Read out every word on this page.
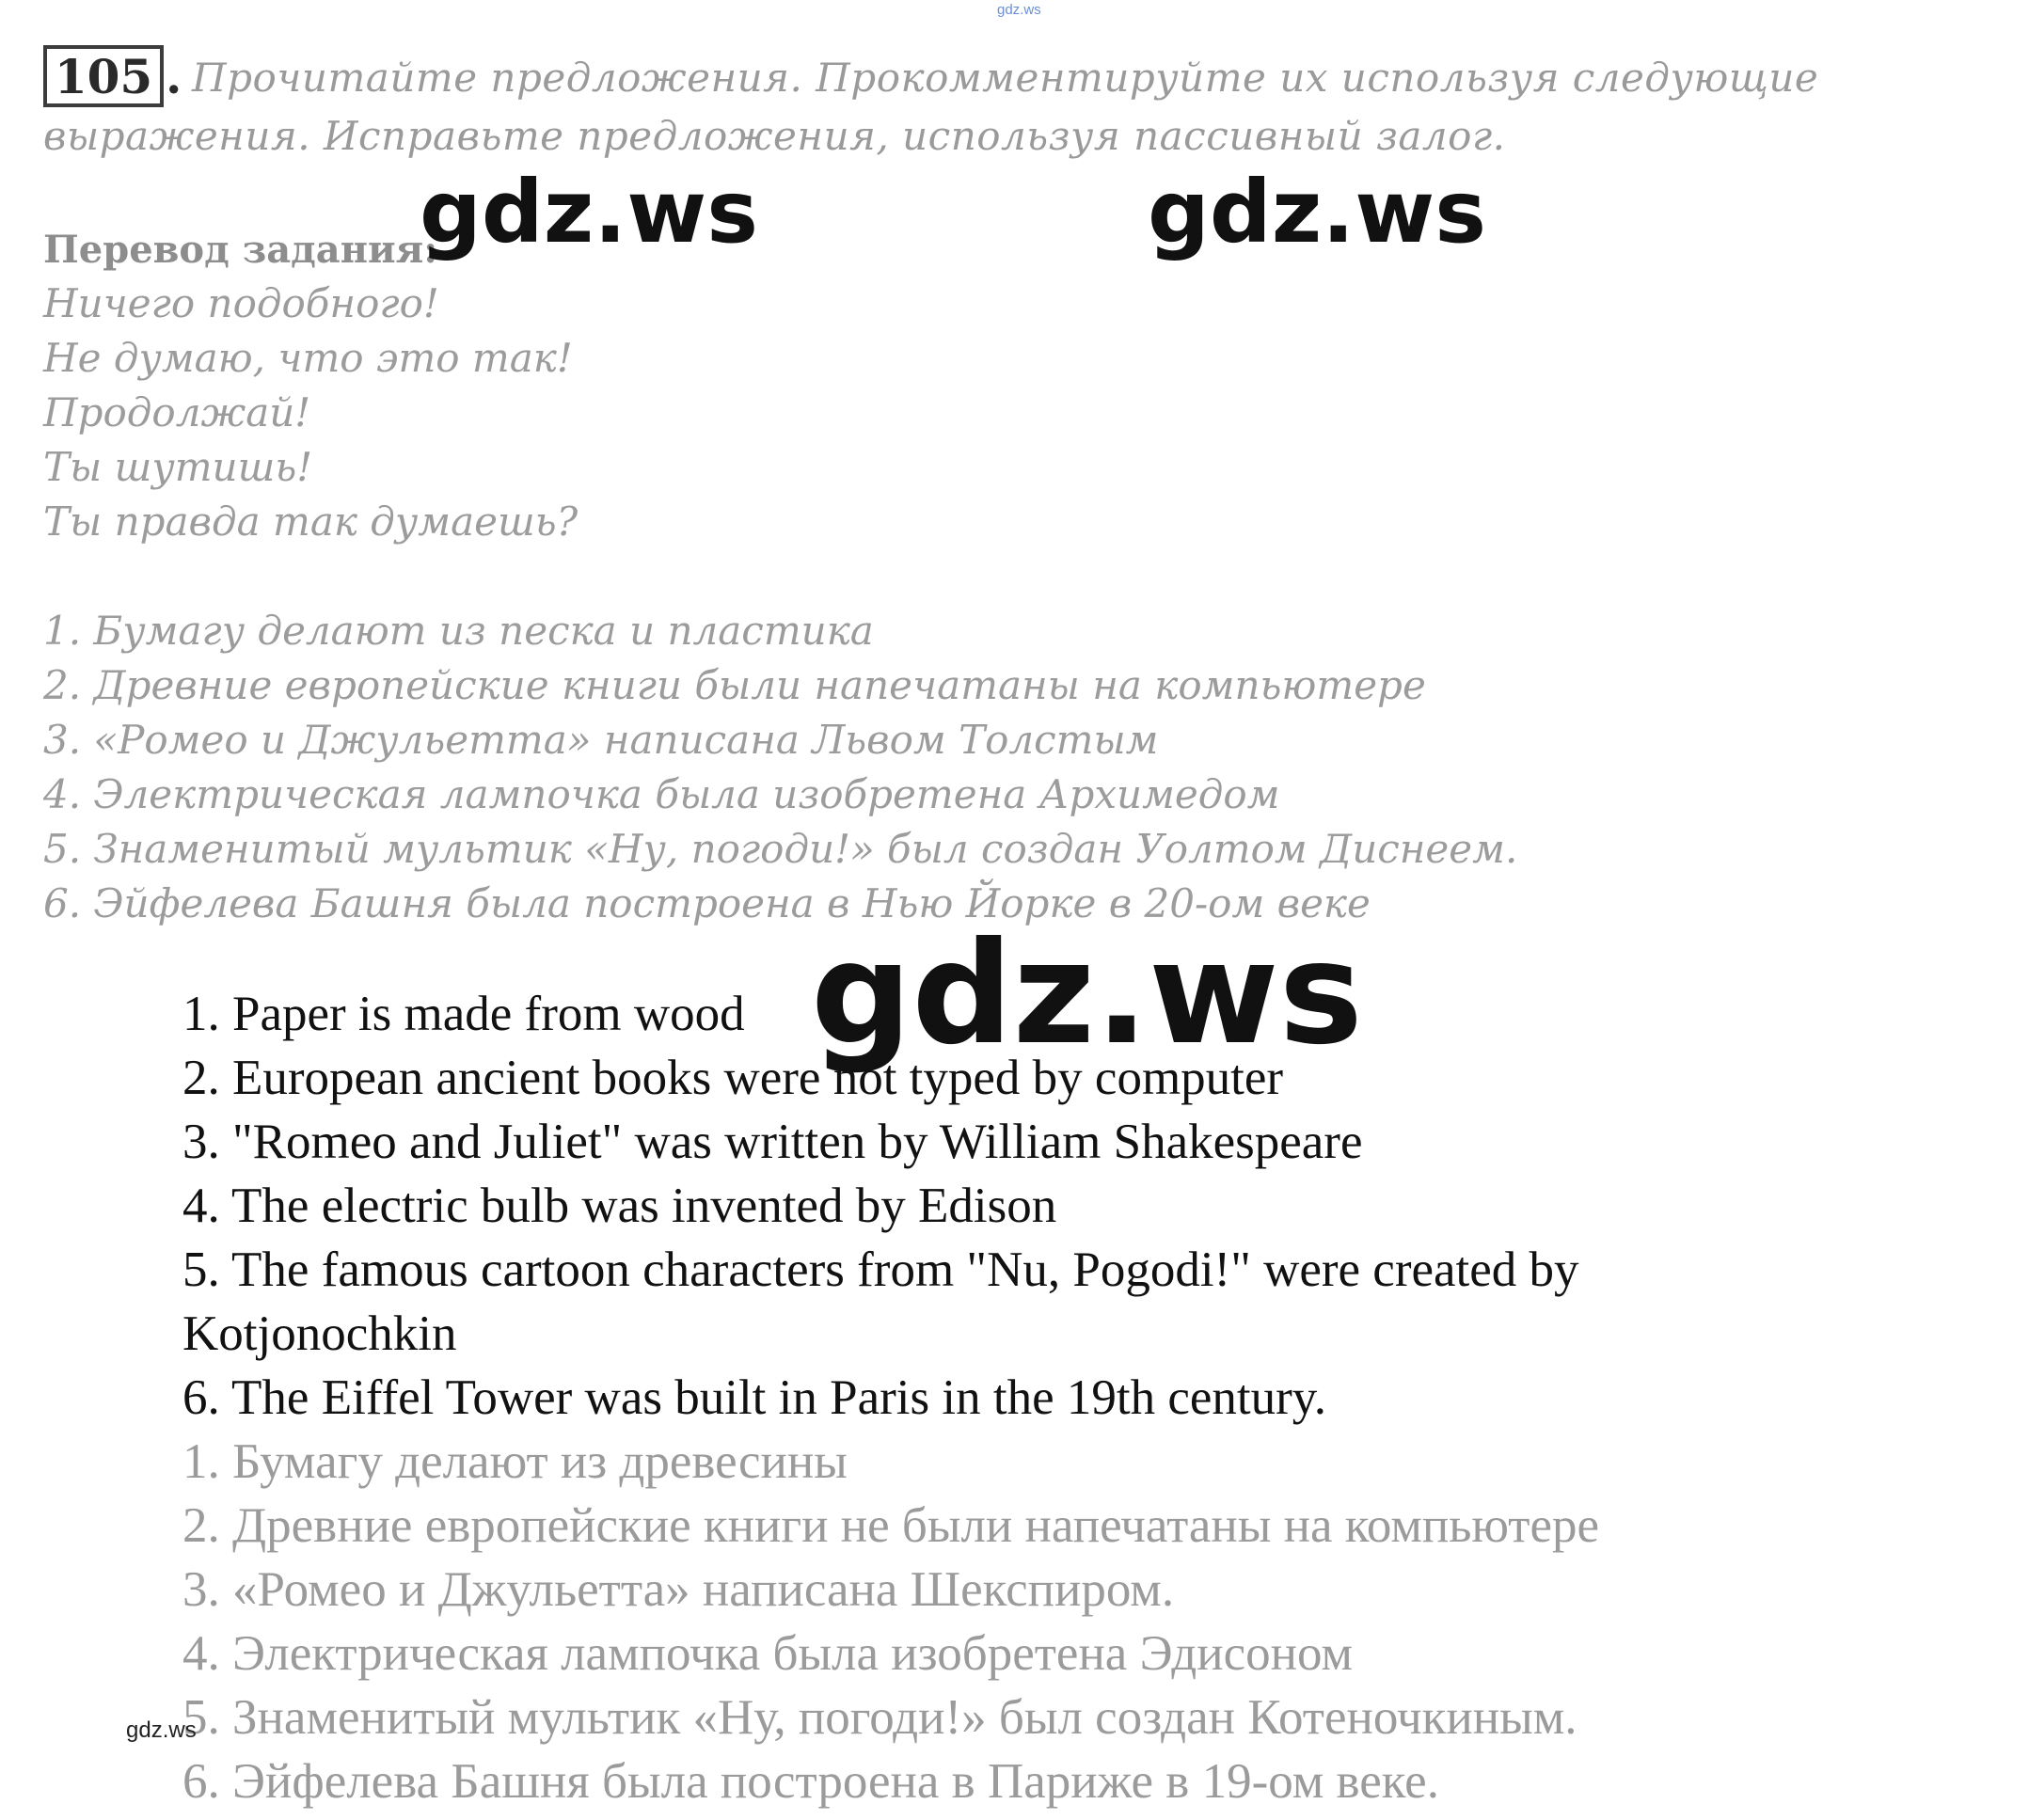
gdz.ws
105 . Прочитайте предложения. Прокомментируйте их используя следующие
выражения. Исправьте предложения, используя пассивный залог.
Перевод задания:
gdz.ws	gdz.ws
Ничего подобного!
Не думаю, что это так!
Продолжай!
Ты шутишь!
Ты правда так думаешь?
1. Бумагу делают из песка и пластика
2. Древние европейские книги были напечатаны на компьютере
3. «Ромео и Джульетта» написана Львом Толстым
4. Электрическая лампочка была изобретена Архимедом
5. Знаменитый мультик «Ну, погоди!» был создан Уолтом Диснеем.
6. Эйфелева Башня была построена в Нью Йорке в 20-ом веке
1. Paper is made from wood
2. European ancient books were not typed by computer
3. "Romeo and Juliet" was written by William Shakespeare
4. The electric bulb was invented by Edison
5. The famous cartoon characters from "Nu, Pogodi!" were created by
Kotjonochkin
6. The Eiffel Tower was built in Paris in the 19th century.
gdz.ws
1. Бумагу делают из древесины
2. Древние европейские книги не были напечатаны на компьютере
3. «Ромео и Джульетта» написана Шекспиром.
4. Электрическая лампочка была изобретена Эдисоном
5. Знаменитый мультик «Ну, погоди!» был создан Котеночкиным.
6. Эйфелева Башня была построена в Париже в 19-ом веке.
gdz.ws
